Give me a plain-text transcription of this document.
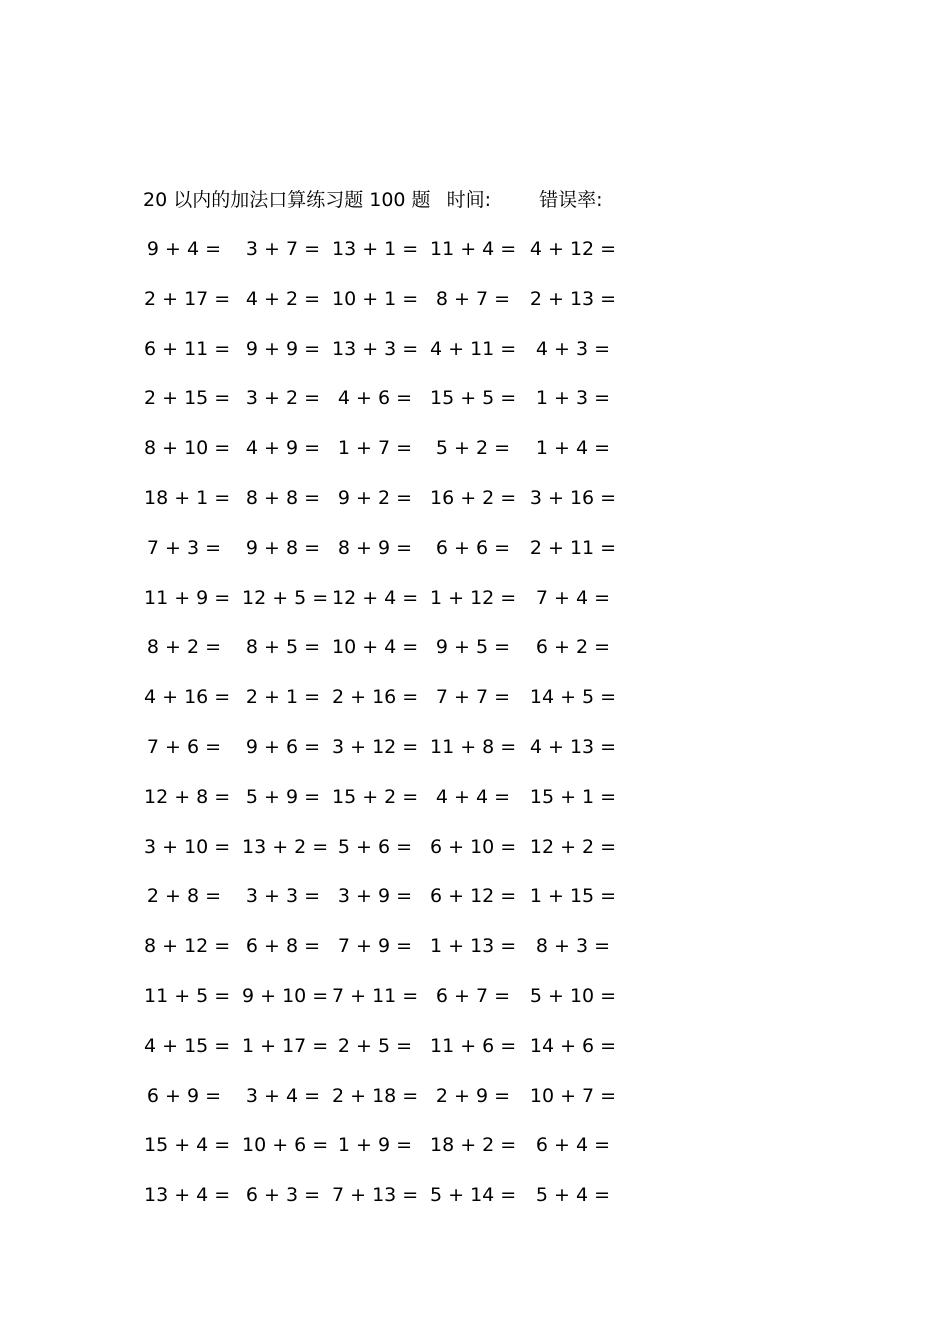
20 以内的加法口算练习题 100 题 时间:	错误率:
9 + 4 = 3 + 7 = 13 + 1 = 11 + 4 = 4 + 12 =
2 + 17 = 4 + 2 = 10 + 1 = 8 + 7 =	2 + 13 =
6 + 11 = 9 + 9 = 13 + 3 = 4 + 11 =	4 + 3 =
2 + 15 = 3 + 2 = 4 + 6 = 15 + 5 =	1 + 3 =
8 + 10 = 4 + 9 = 1 + 7 =	5 + 2 =	1 + 4 =
18 + 1 = 8 + 8 = 9 + 2 = 16 + 2 = 3 + 16 =
7 + 3 = 9 + 8 = 8 + 9 =	6 + 6 =	2 + 11 =
11 + 9 = 12 + 5 = 12 + 4 = 1 + 12 =	7 + 4 =
8 + 2 = 8 + 5 = 10 + 4 = 9 + 5 =	6 + 2 =
4 + 16 = 2 + 1 = 2 + 16 = 7 + 7 =	14 + 5 =
7 + 6 = 9 + 6 = 3 + 12 = 11 + 8 = 4 + 13 =
12 + 8 = 5 + 9 = 15 + 2 = 4 + 4 =	15 + 1 =
3 + 10 = 13 + 2 = 5 + 6 = 6 + 10 = 12 + 2 =
2 + 8 = 3 + 3 = 3 + 9 = 6 + 12 = 1 + 15 =
8 + 12 = 6 + 8 = 7 + 9 = 1 + 13 =	8 + 3 =
11 + 5 = 9 + 10 = 7 + 11 = 6 + 7 =	5 + 10 =
4 + 15 = 1 + 17 = 2 + 5 = 11 + 6 = 14 + 6 =
6 + 9 = 3 + 4 = 2 + 18 = 2 + 9 =	10 + 7 =
15 + 4 = 10 + 6 = 1 + 9 = 18 + 2 =	6 + 4 =
13 + 4 = 6 + 3 = 7 + 13 = 5 + 14 =	5 + 4 =
